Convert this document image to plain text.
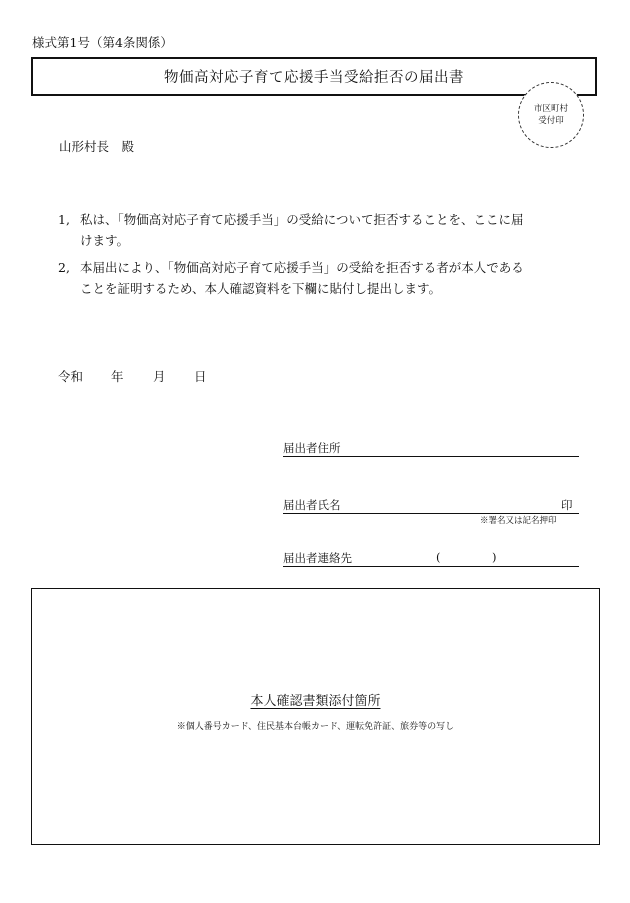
様式第1号（第4条関係）
物価高対応子育て応援手当受給拒否の届出書
市区町村
受付印
山形村長　殿
1, 私は、「物価高対応子育て応援手当」の受給について拒否することを、ここに届
けます。
2, 本届出により、「物価高対応子育て応援手当」の受給を拒否する者が本人である
ことを証明するため、本人確認資料を下欄に貼付し提出します。
令和 年 月 日
届出者住所
届出者氏名	印
※署名又は記名押印
届出者連絡先	(	)
本人確認書類添付箇所
※個人番号カード、住民基本台帳カード、運転免許証、旅券等の写し
